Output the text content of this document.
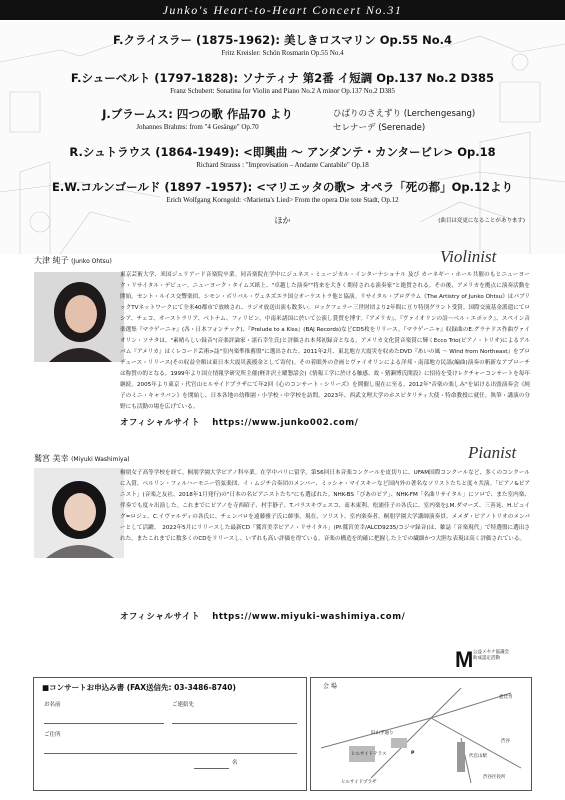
Junko's Heart-to-Heart Concert No.31
F.クライスラー (1875-1962): 美しきロスマリン Op.55 No.4
Fritz Kreisler: Schön Rosmarin Op.55 No.4
F.シューベルト (1797-1828): ソナティナ 第2番 イ短調 Op.137 No.2 D385
Franz Schubert: Sonatina for Violin and Piano No.2 A minor Op.137 No.2 D385
J.ブラームス: 四つの歌 作品70 より
Johannes Brahms: from "4 Gesänge" Op.70
ひばりのさえずり (Lerchengesang)
セレナーデ (Serenade)
R.シュトラウス (1864-1949): <即興曲 〜 アンダンテ・カンタービレ> Op.18
Richard Strauss : "Improvisation – Andante Cantabile" Op.18
E.W.コルンゴールド (1897 -1957): <マリエッタの歌> オペラ「死の都」Op.12より
Erich Wolfgang Korngold: <Marietta's Lied> From the opera Die tote Stadt, Op.12
ほか	(曲目は変更になることがあります)
大津 純子 (Junko Ohtsu)	Violinist
東京芸術大学、米国ジュリアード音楽院卒業。同音楽院在学中にジュネス・ミュージカル・インターナショナル 及び カーネギー・ホール共催のもとニューヨーク・リサイタル・デビュー。ニューヨーク・タイムズ紙上、"卓越した演奏""将来を大きく期待される演奏家"と絶賛される。その後、アメリカを拠点に演奏活動を開始。セント・ルイス交響楽団、シモン・ボリバル・ヴェネズエラ国立オーケストラ他と協演。リサイタル・プログラム《The Artistry of Junko Ohtsu》はパブリックTVネットワークにて全米40都市で放映され、ラジオ放送出演も数多い。ロックフェラー三世財団より2年間に亘り特別グラント受賞。国際交流基金派遣にてロシア、チェコ、オーストラリア、ベトナム、フィリピン、中南米諸国に於いて公演し賞賛を博す。『アメリカ』、『ヴァイオリンの詩〜ベル・エポック』、スペイン音楽選集『マラゲーニャ』(各・日本フォンテック)、『Prelude to a Kiss』(BAJ Records)などCD5枚をリリース。『マラゲーニャ』収録曲のE.グラナドス作曲ヴァイオリン・ソナタは、"素晴らしい録音"(音楽評論家・諸石幸生氏)と評価され本邦初録音となる。アメリカ文化賞音楽賞に輝くEcco Trio(ピアノ・トリオ)によるアルバム『アメリカ』はくレコード芸術>誌"室内楽準推薦盤"に選出された。2011年2月、東北地方大震災を収めたDVD『あいの風 〜 Wind from Northeast』をプロデュース・リリース(その収益全額は東日本大震災義援金として寄付)。その着眼外の企画とヴァイオリンによる洋邦・南部地方民謡(編曲)演奏の斬新なアプローチは称賛の的となる。1999年より国立情報学研究所主催(軽井沢土曜懇話会)《情報工学に於ける触感、故・猪瀬博氏開設》に招待を受けレクチャーコンサートを毎年継続。2005年より東京・代官山ヒルサイドプラザにて年2回《心のコンサート・シリーズ》を開催し現在に至る。2012年"音楽の楽しみ"を届ける出張演奏会《純子のミニ・キャラバン》を開始し、日本各地の幼稚園・小学校・中学校を訪問。2023年、西武文理大学のホスピタリティ大使・特命教授に就任。執筆・講演の分野にも活動の場を広げている。
オフィシャルサイト https://www.junko002.com/
鷲宮 美幸 (Miyuki Washimiya)	Pianist
桐朋女子高等学校を経て、桐朋学園大学ピアノ科卒業。在学中パリに留学。第56回日本音楽コンクールを皮切りに、UFAM国際コンクールなど、多くのコンクールに入賞。ベルリン・フィルハーモニー管弦楽団、イ・ムジチ合奏団のメンバー、ミッシャ・マイスキーなど国内外の著名なソリストたちと度々共演。「ピアノ&ピアニスト」(音楽之友社、2018年1月発行)の"日本の名ピアニストたち"にも選ばれた。NHK-BS「ぴあのピア」、NHK-FM「名曲リサイタル」にソロで、また室内楽、伴奏でも度々出演した。これまでにピアノを寺西昭子、村手静子、T.パラスキヴェスコ、髙木東利、松浦佳子の各氏に、室内楽をJ.M.ダマーズ、三善晃、H.ビュイグ=ロジェ、C.イヴァルディの各氏に、チェンバロを遠藤雅子氏に師事。現在、ソリスト、室内楽奏者、桐朋学園大学講師演奏員、メメダ・ピアノトリオのメンバーとして活躍。　2022年5月にリリースした最新CD「鷲宮美幸ピアノ・リサイタル」(Pf.鷲宮美幸/ALCD9235/コジマ録音)は、雑誌「音楽現代」で特選盤に選出された。またこれまでに数多くのCDをリリースし、いずれも高い評価を得ている。音楽の構造を的確に把握した上での繊細かつ大胆な表現は高く評価されている。
オフィシャルサイト https://www.miyuki-washimiya.com/
M 公益メセナ協議会
助成認定活動
■コンサートお申込み書 (FAX送信先: 03-3486-8740)
お名前	ご連絡先
ご住所
名
会 場
ヒルサイドテラス
ヒルサイドプラザ
旧山手通り
代官山駅
恵比寿
渋谷区役所
渋谷
P
